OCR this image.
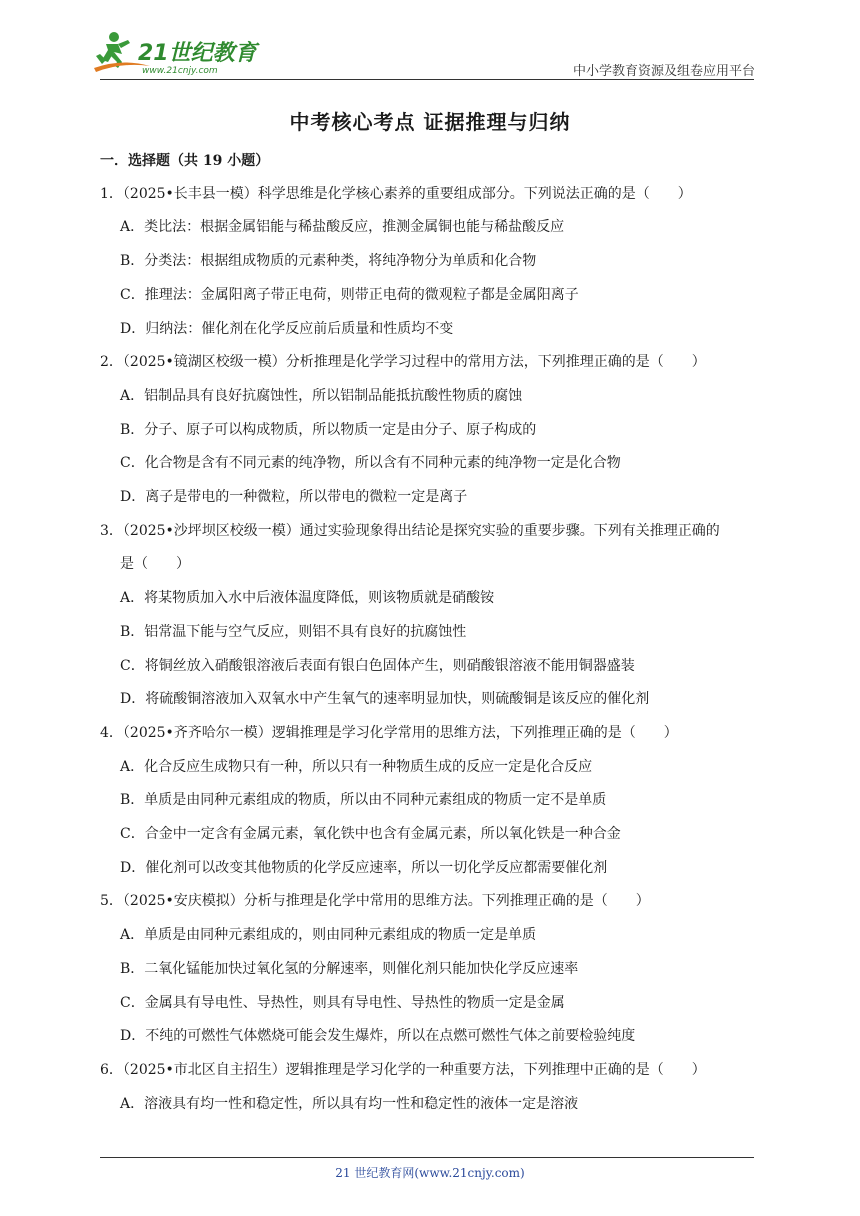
21世纪教育
www.21cnjy.com	中小学教育资源及组卷应用平台
中考核心考点 证据推理与归纳
一．选择题（共 19 小题）
1．（2025•长丰县一模）科学思维是化学核心素养的重要组成部分。下列说法正确的是（　　）
A．类比法：根据金属铝能与稀盐酸反应，推测金属铜也能与稀盐酸反应
B．分类法：根据组成物质的元素种类，将纯净物分为单质和化合物
C．推理法：金属阳离子带正电荷，则带正电荷的微观粒子都是金属阳离子
D．归纳法：催化剂在化学反应前后质量和性质均不变
2．（2025•镜湖区校级一模）分析推理是化学学习过程中的常用方法，下列推理正确的是（　　）
A．铝制品具有良好抗腐蚀性，所以铝制品能抵抗酸性物质的腐蚀
B．分子、原子可以构成物质，所以物质一定是由分子、原子构成的
C．化合物是含有不同元素的纯净物，所以含有不同种元素的纯净物一定是化合物
D．离子是带电的一种微粒，所以带电的微粒一定是离子
3．（2025•沙坪坝区校级一模）通过实验现象得出结论是探究实验的重要步骤。下列有关推理正确的
是（　　）
A．将某物质加入水中后液体温度降低，则该物质就是硝酸铵
B．铝常温下能与空气反应，则铝不具有良好的抗腐蚀性
C．将铜丝放入硝酸银溶液后表面有银白色固体产生，则硝酸银溶液不能用铜器盛装
D．将硫酸铜溶液加入双氧水中产生氧气的速率明显加快，则硫酸铜是该反应的催化剂
4．（2025•齐齐哈尔一模）逻辑推理是学习化学常用的思维方法，下列推理正确的是（　　）
A．化合反应生成物只有一种，所以只有一种物质生成的反应一定是化合反应
B．单质是由同种元素组成的物质，所以由不同种元素组成的物质一定不是单质
C．合金中一定含有金属元素，氧化铁中也含有金属元素，所以氧化铁是一种合金
D．催化剂可以改变其他物质的化学反应速率，所以一切化学反应都需要催化剂
5．（2025•安庆模拟）分析与推理是化学中常用的思维方法。下列推理正确的是（　　）
A．单质是由同种元素组成的，则由同种元素组成的物质一定是单质
B．二氧化锰能加快过氧化氢的分解速率，则催化剂只能加快化学反应速率
C．金属具有导电性、导热性，则具有导电性、导热性的物质一定是金属
D．不纯的可燃性气体燃烧可能会发生爆炸，所以在点燃可燃性气体之前要检验纯度
6．（2025•市北区自主招生）逻辑推理是学习化学的一种重要方法，下列推理中正确的是（　　）
A．溶液具有均一性和稳定性，所以具有均一性和稳定性的液体一定是溶液
21 世纪教育网(www.21cnjy.com)
